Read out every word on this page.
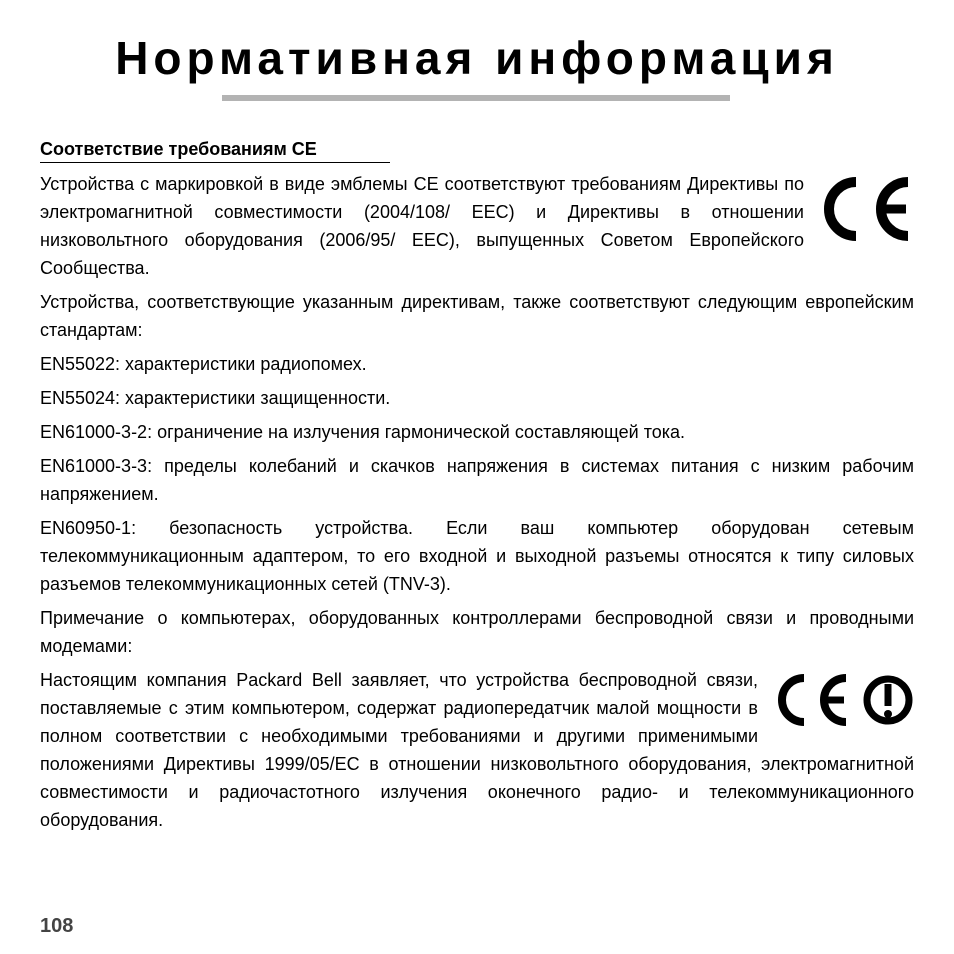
Нормативная информация
Соответствие требованиям CE

Устройства с маркировкой в виде эмблемы CE соответствуют требованиям Директивы по электромагнитной совместимости (2004/108/ EEC) и Директивы в отношении низковольтного оборудования (2006/95/ EEC), выпущенных Советом Европейского Сообщества.

Устройства, соответствующие указанным директивам, также соответствуют следующим европейским стандартам:

EN55022: характеристики радиопомех.

EN55024: характеристики защищенности.

EN61000-3-2: ограничение на излучения гармонической составляющей тока.

EN61000-3-3: пределы колебаний и скачков напряжения в системах питания с низким рабочим напряжением.

EN60950-1: безопасность устройства. Если ваш компьютер оборудован сетевым телекоммуникационным адаптером, то его входной и выходной разъемы относятся к типу силовых разъемов телекоммуникационных сетей (TNV-3).

Примечание о компьютерах, оборудованных контроллерами беспроводной связи и проводными модемами:

Настоящим компания Packard Bell заявляет, что устройства беспроводной связи, поставляемые с этим компьютером, содержат радиопередатчик малой мощности в полном соответствии с необходимыми требованиями и другими применимыми положениями Директивы 1999/05/EC в отношении низковольтного оборудования, электромагнитной совместимости и радиочастотного излучения оконечного радио- и телекоммуникационного оборудования.

108
